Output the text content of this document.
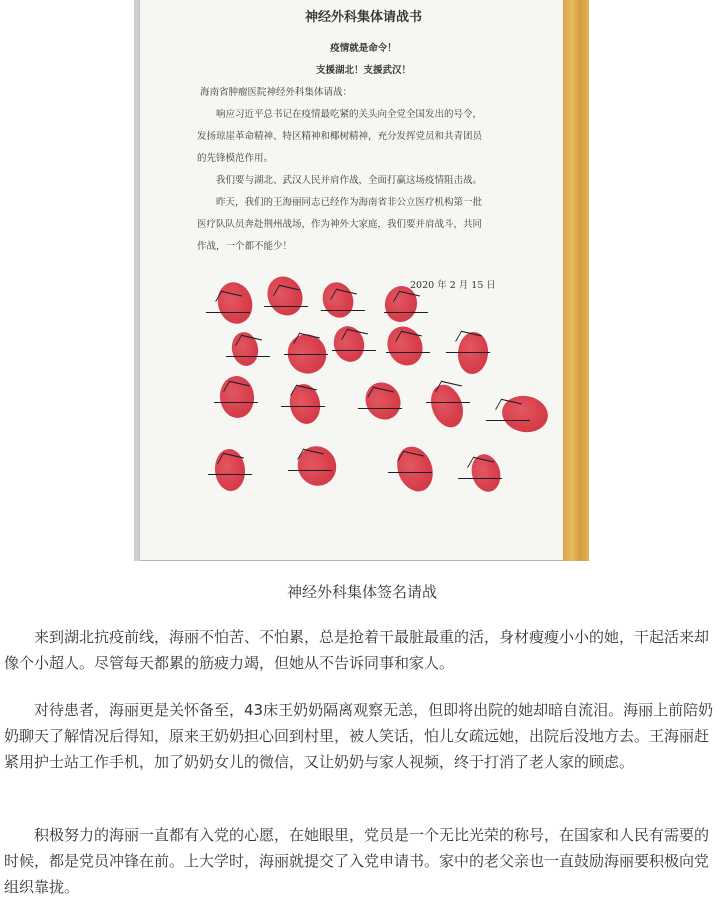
神经外科集体请战书
疫情就是命令！
支援湖北！支援武汉！
海南省肿瘤医院神经外科集体请战：
响应习近平总书记在疫情最吃紧的关头向全党全国发出的号令，
发扬琼崖革命精神、特区精神和椰树精神，充分发挥党员和共青团员
的先锋模范作用。
我们要与湖北、武汉人民并肩作战，全面打赢这场疫情阻击战。
昨天，我们的王海丽同志已经作为海南省非公立医疗机构第一批
医疗队队员奔赴荆州战场，作为神外大家庭，我们要并肩战斗，共同
作战，一个都不能少！
2020 年 2 月 15 日
神经外科集体签名请战

来到湖北抗疫前线，海丽不怕苦、不怕累，总是抢着干最脏最重的活，身材瘦瘦小小的她，干起活来却像个小超人。尽管每天都累的筋疲力竭，但她从不告诉同事和家人。

对待患者，海丽更是关怀备至，43床王奶奶隔离观察无恙，但即将出院的她却暗自流泪。海丽上前陪奶奶聊天了解情况后得知，原来王奶奶担心回到村里，被人笑话，怕儿女疏远她，出院后没地方去。王海丽赶紧用护士站工作手机，加了奶奶女儿的微信，又让奶奶与家人视频，终于打消了老人家的顾虑。

积极努力的海丽一直都有入党的心愿，在她眼里，党员是一个无比光荣的称号，在国家和人民有需要的时候，都是党员冲锋在前。上大学时，海丽就提交了入党申请书。家中的老父亲也一直鼓励海丽要积极向党组织靠拢。
